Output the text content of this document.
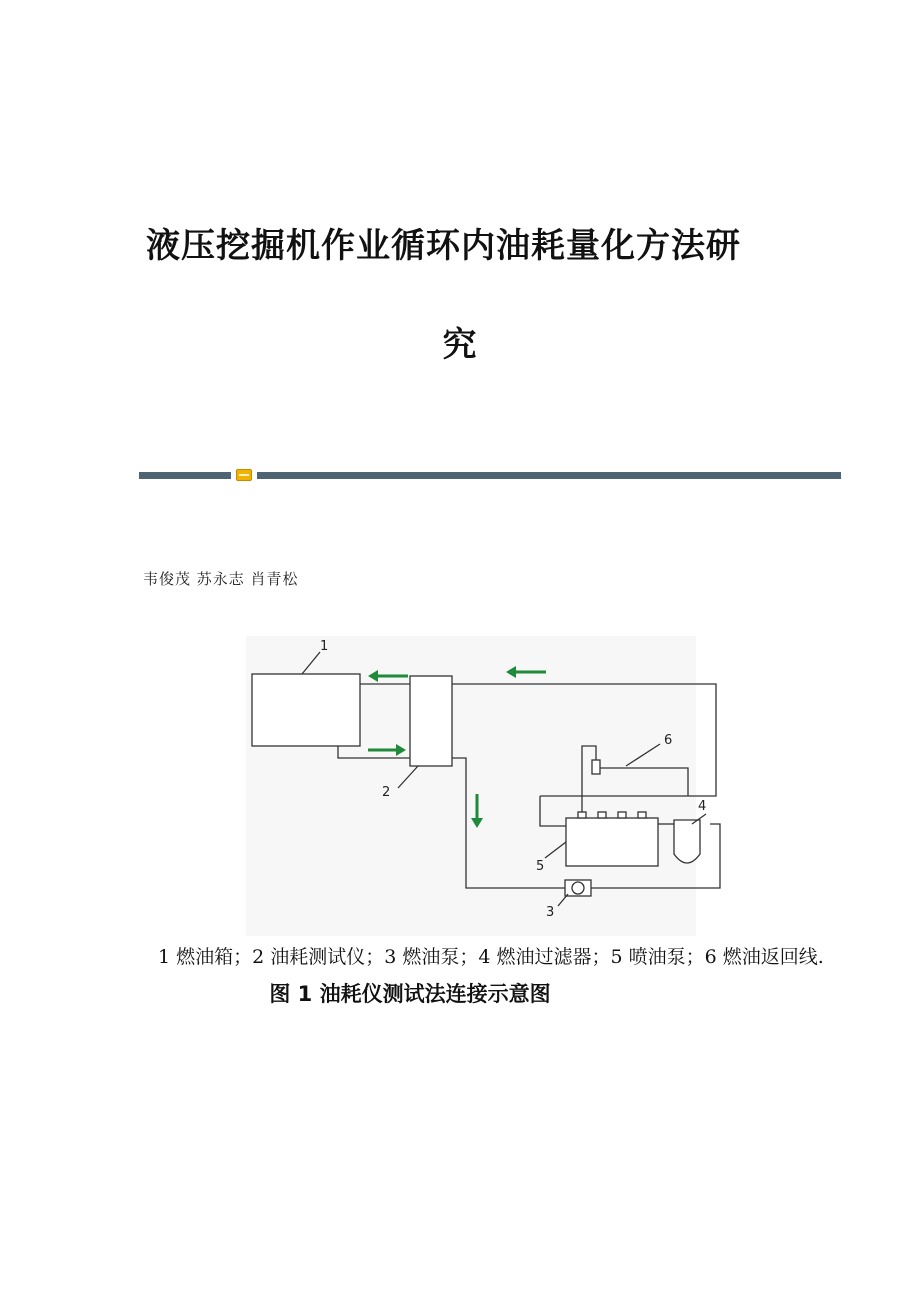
液压挖掘机作业循环内油耗量化方法研
究
韦俊茂 苏永志 肖青松
1
2
3
4
5
6
1 燃油箱；2 油耗测试仪；3 燃油泵；4 燃油过滤器；5 喷油泵；6 燃油返回线.
图 1 油耗仪测试法连接示意图
